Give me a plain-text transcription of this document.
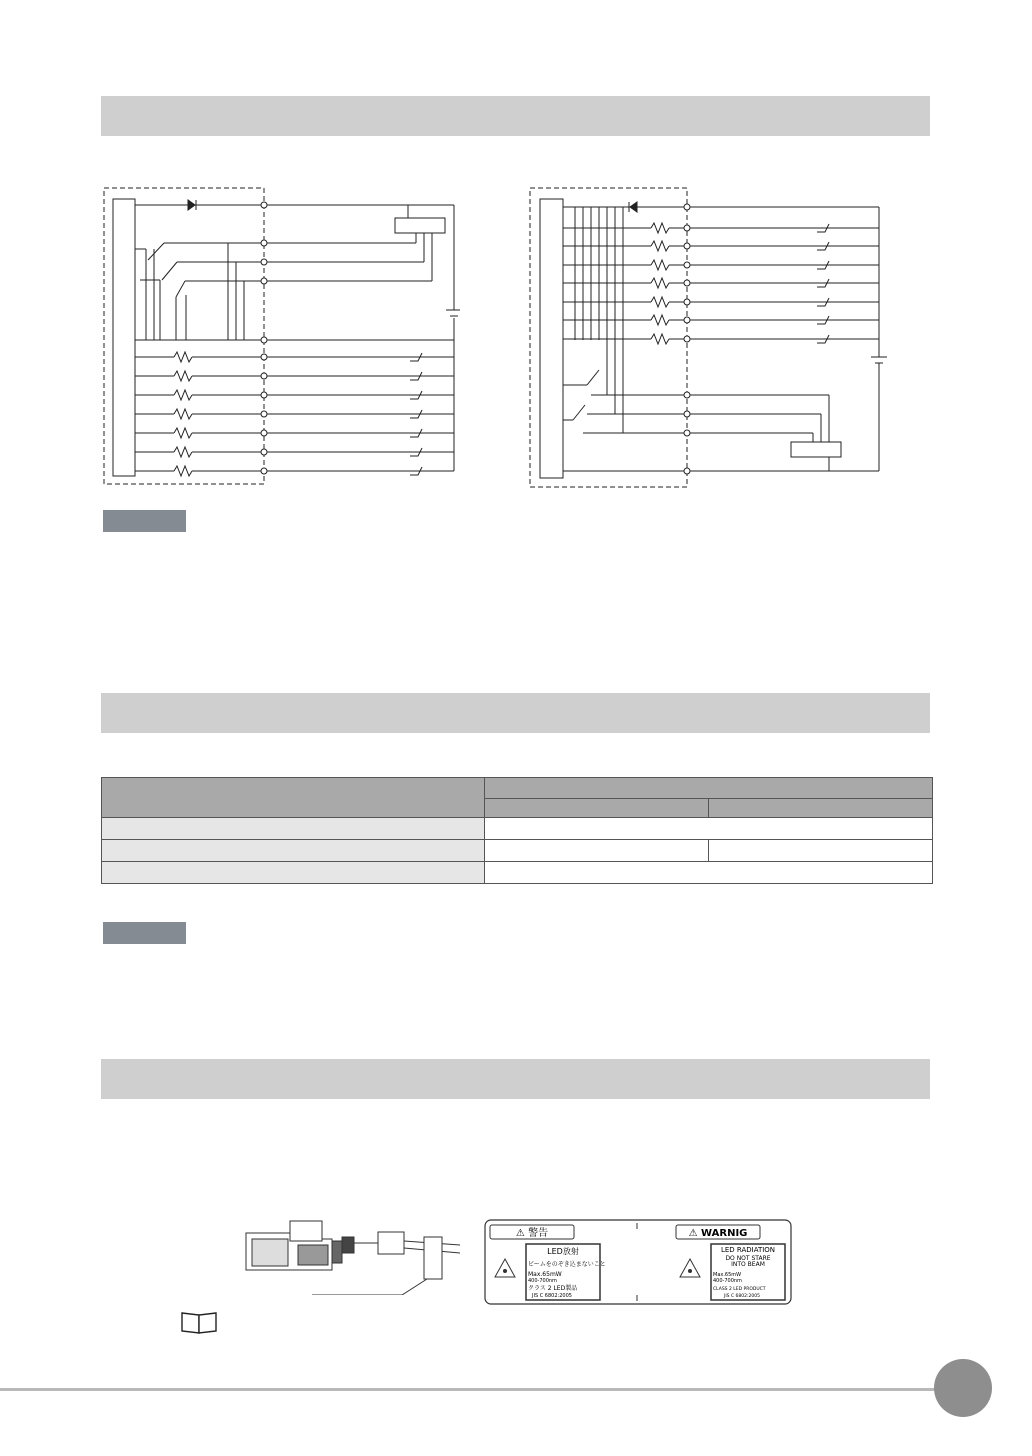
⚠ 警告
LED放射
ビームをのぞき込まないこと
Max.65mW
400-700nm
クラス 2 LED製品
JIS C 6802:2005
⚠ WARNIG
LED RADIATION
DO NOT STARE
INTO BEAM
Max.65mW
400-700nm
CLASS 2 LED PRODUCT
JIS C 6802:2005
